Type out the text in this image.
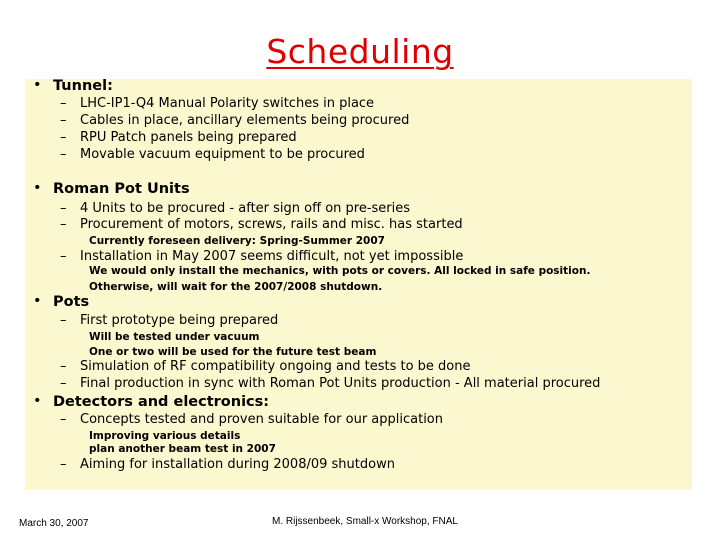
Scheduling
• Tunnel:
– LHC-IP1-Q4 Manual Polarity switches in place
– Cables in place, ancillary elements being procured
– RPU Patch panels being prepared
– Movable vacuum equipment to be procured
• Roman Pot Units
– 4 Units to be procured - after sign off on pre-series
– Procurement of motors, screws, rails and misc. has started
Currently foreseen delivery: Spring-Summer 2007
– Installation in May 2007 seems difficult, not yet impossible
We would only install the mechanics, with pots or covers. All locked in safe position.
Otherwise, will wait for the 2007/2008 shutdown.
• Pots
– First prototype being prepared
Will be tested under vacuum
One or two will be used for the future test beam
– Simulation of RF compatibility ongoing and tests to be done
– Final production in sync with Roman Pot Units production - All material procured
• Detectors and electronics:
– Concepts tested and proven suitable for our application
Improving various details
plan another beam test in 2007
– Aiming for installation during 2008/09 shutdown
March 30, 2007	M. Rijssenbeek, Small-x Workshop, FNAL
